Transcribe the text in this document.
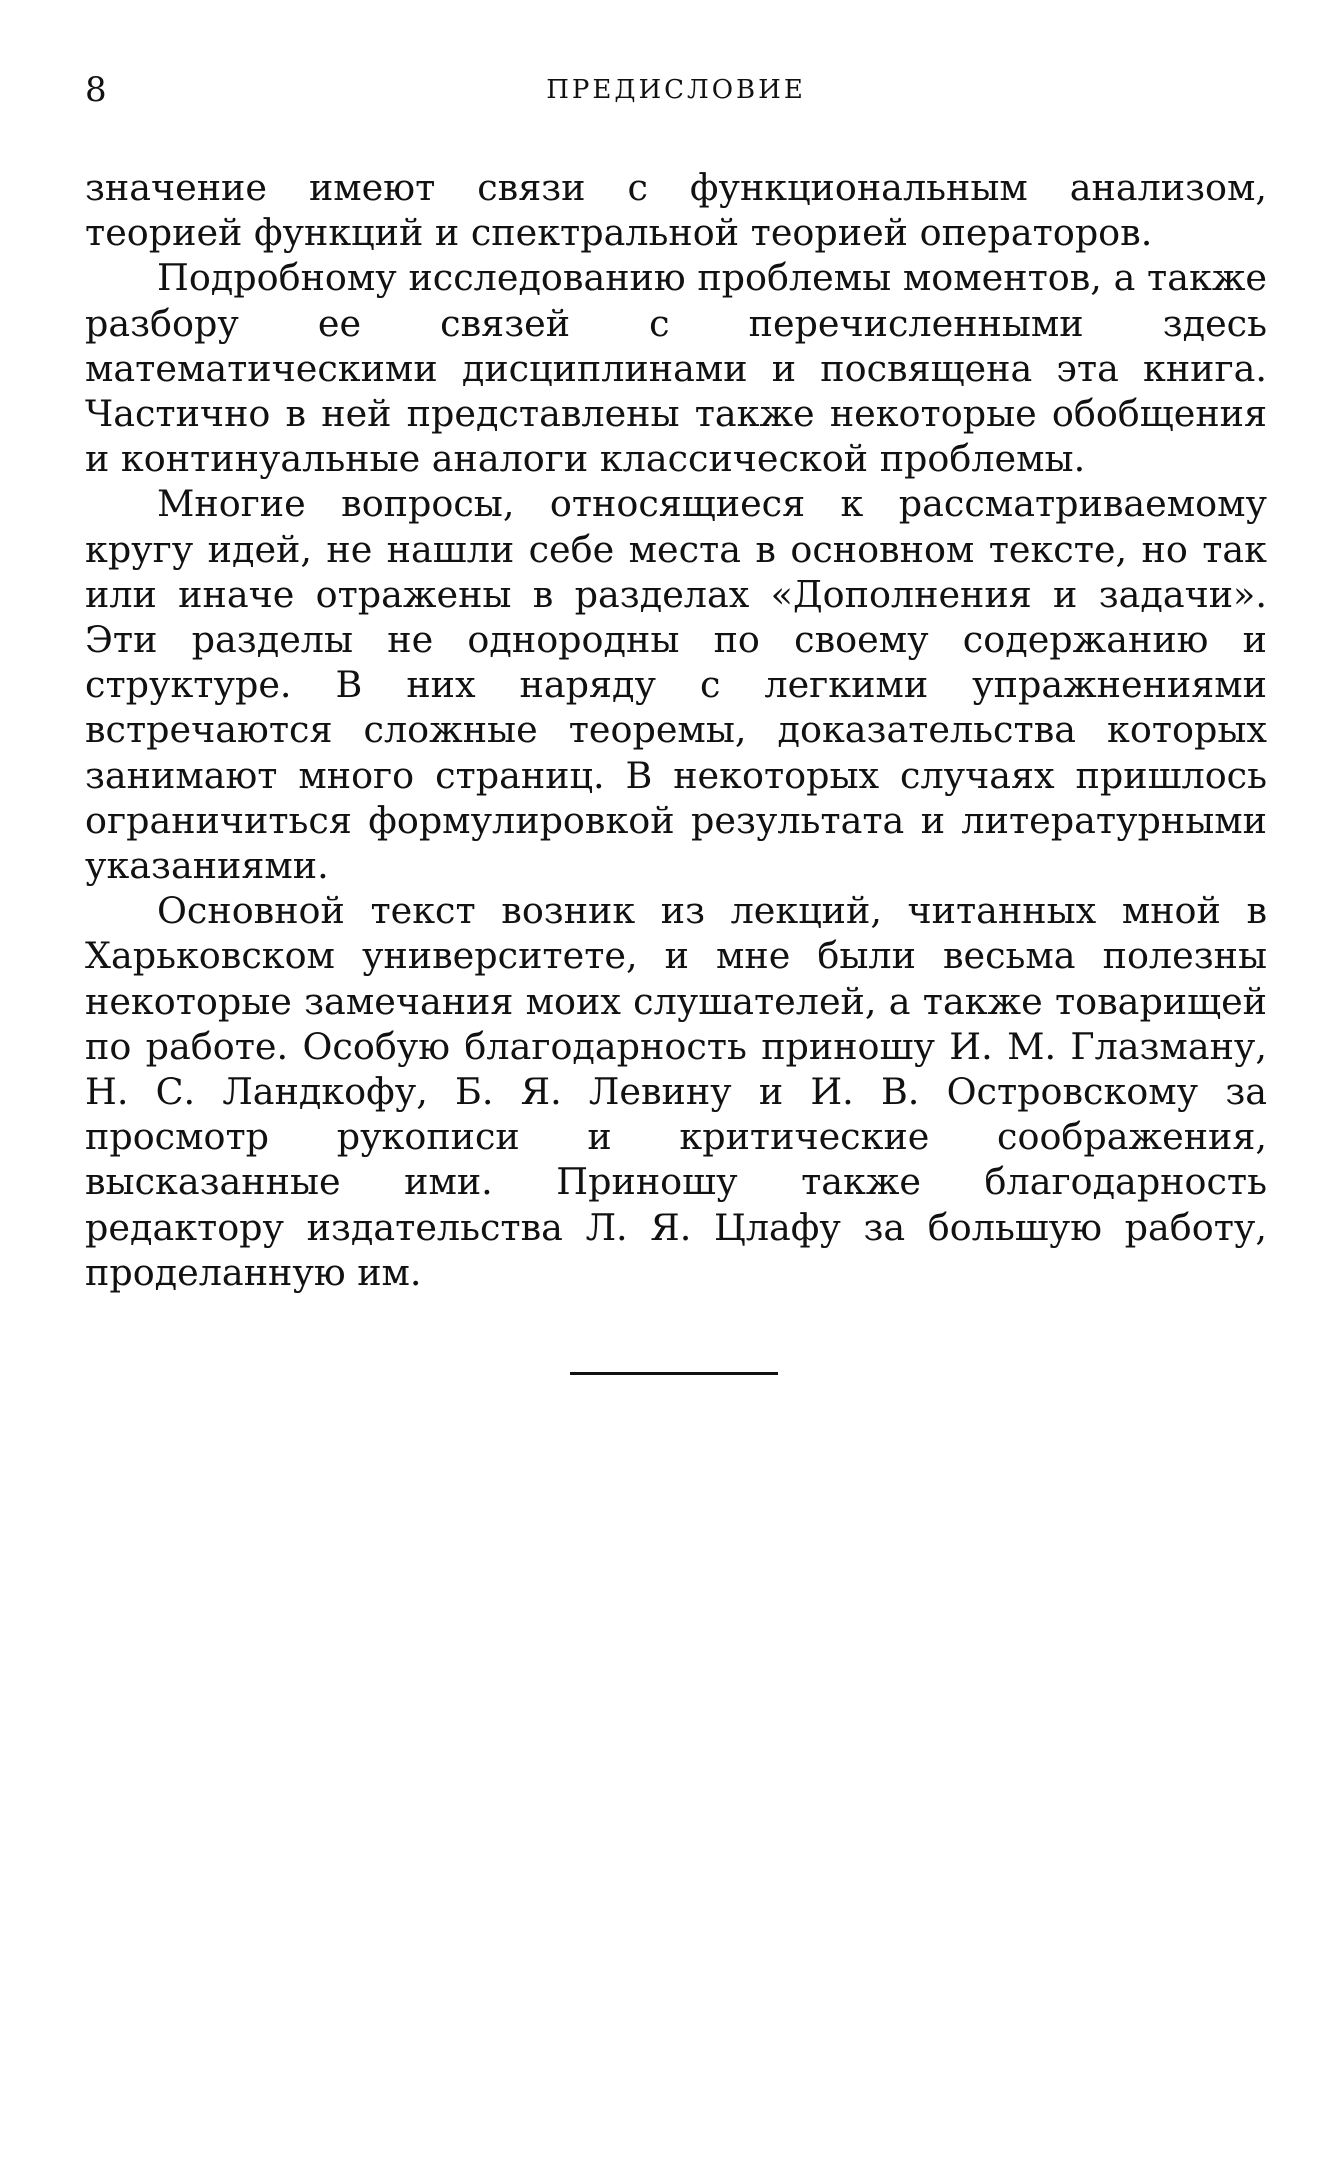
8	ПРЕДИСЛОВИЕ

значение имеют связи с функциональным анализом, теорией функций и спектральной теорией операторов.

Подробному исследованию проблемы моментов, а также разбору ее связей с перечисленными здесь математическими дисциплинами и посвящена эта книга. Частично в ней представлены также некоторые обобщения и континуальные аналоги классической проблемы.

Многие вопросы, относящиеся к рассматриваемому кругу идей, не нашли себе места в основном тексте, но так или иначе отражены в разделах «Дополнения и задачи». Эти разделы не однородны по своему содержанию и структуре. В них наряду с легкими упражнениями встречаются сложные теоремы, доказательства которых занимают много страниц. В некоторых случаях пришлось ограничиться формулировкой результата и литературными указаниями.

Основной текст возник из лекций, читанных мной в Харьковском университете, и мне были весьма полезны некоторые замечания моих слушателей, а также товарищей по работе. Особую благодарность приношу И. М. Глазману, Н. С. Ландкофу, Б. Я. Левину и И. В. Островскому за просмотр рукописи и критические соображения, высказанные ими. Приношу также благодарность редактору издательства Л. Я. Цлафу за большую работу, проделанную им.
